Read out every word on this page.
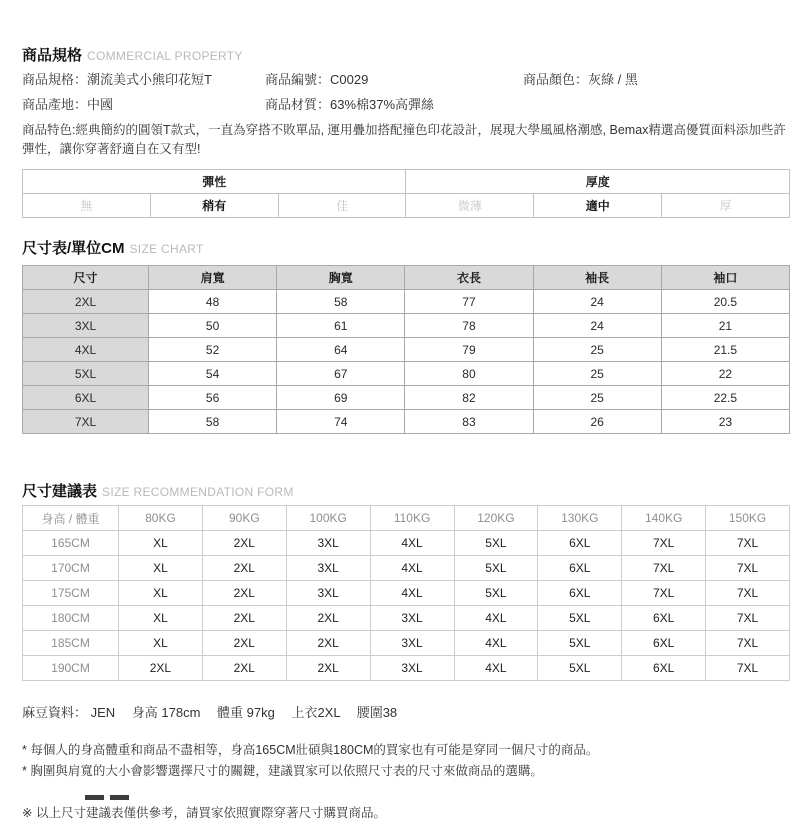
商品規格 COMMERCIAL PROPERTY
商品規格：潮流美式小熊印花短T	商品編號：C0029	商品顏色：灰綠 / 黑
商品產地：中國	商品材質：63%棉37%高彈絲
商品特色:經典簡約的圓領T款式，一直為穿搭不敗單品, 運用疊加搭配撞色印花設計，展現大學風風格潮感, Bemax精選高優質面料添加些許彈性，讓你穿著舒適自在又有型!
彈性			厚度		
無	稍有	佳	微薄	適中	厚
尺寸表/單位CM SIZE CHART
尺寸	肩寬	胸寬	衣長	袖長	袖口
2XL	48	58	77	24	20.5
3XL	50	61	78	24	21
4XL	52	64	79	25	21.5
5XL	54	67	80	25	22
6XL	56	69	82	25	22.5
7XL	58	74	83	26	23
尺寸建議表 SIZE RECOMMENDATION FORM
身高 / 體重	80KG	90KG	100KG	110KG	120KG	130KG	140KG	150KG
165CM	XL	2XL	3XL	4XL	5XL	6XL	7XL	7XL
170CM	XL	2XL	3XL	4XL	5XL	6XL	7XL	7XL
175CM	XL	2XL	3XL	4XL	5XL	6XL	7XL	7XL
180CM	XL	2XL	2XL	3XL	4XL	5XL	6XL	7XL
185CM	XL	2XL	2XL	3XL	4XL	5XL	6XL	7XL
190CM	2XL	2XL	2XL	3XL	4XL	5XL	6XL	7XL
麻豆資料： JEN　 身高 178cm　 體重 97kg　 上衣2XL　 腰圍38
* 每個人的身高體重和商品不盡相等，身高165CM壯碩與180CM的買家也有可能是穿同一個尺寸的商品。
* 胸圍與肩寬的大小會影響選擇尺寸的關鍵，建議買家可以依照尺寸表的尺寸來做商品的選購。
※ 以上尺寸建議表僅供參考，請買家依照實際穿著尺寸購買商品。
